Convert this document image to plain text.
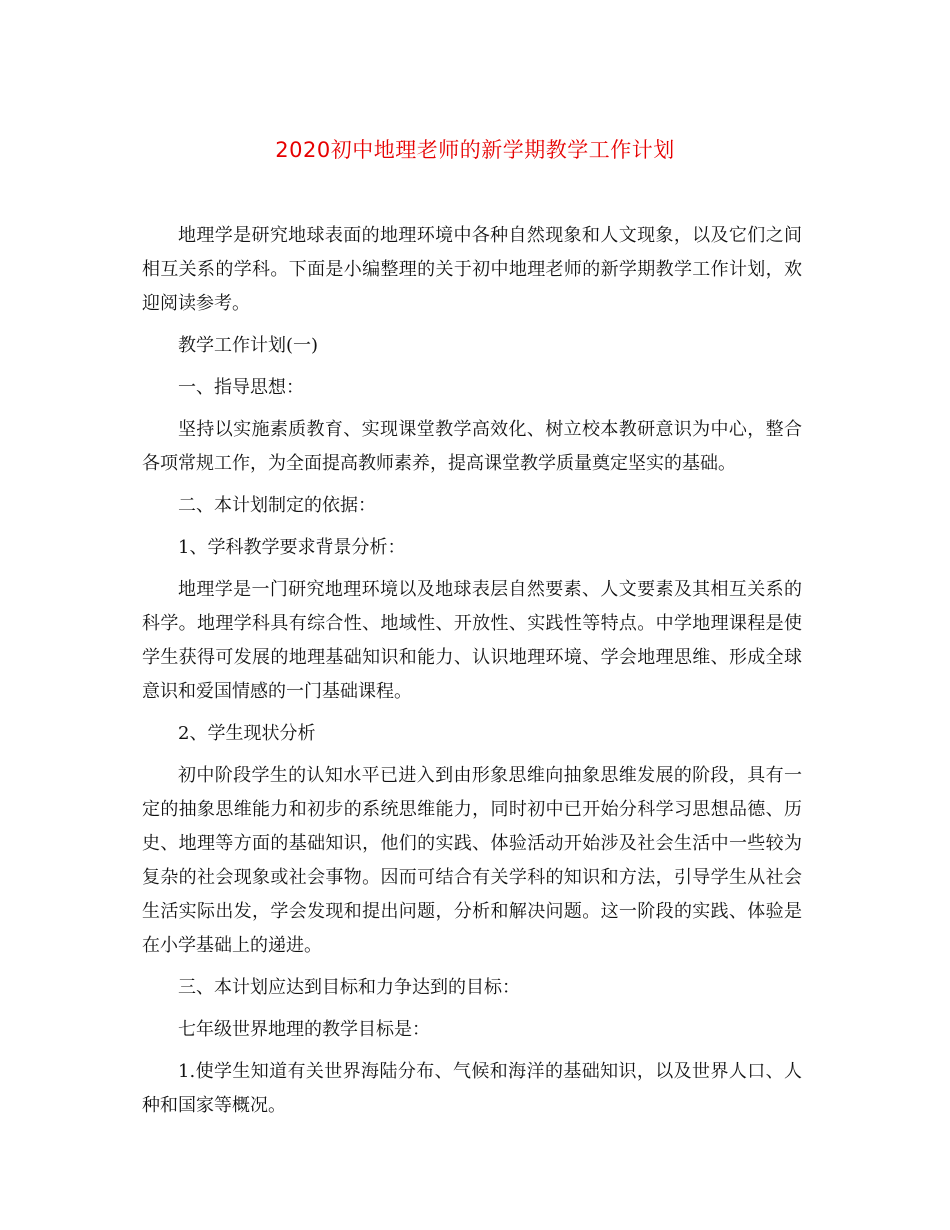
2020初中地理老师的新学期教学工作计划

地理学是研究地球表面的地理环境中各种自然现象和人文现象，以及它们之间相互关系的学科。下面是小编整理的关于初中地理老师的新学期教学工作计划，欢迎阅读参考。

教学工作计划(一)

一、指导思想：

坚持以实施素质教育、实现课堂教学高效化、树立校本教研意识为中心，整合各项常规工作，为全面提高教师素养，提高课堂教学质量奠定坚实的基础。

二、本计划制定的依据：

1、学科教学要求背景分析：

地理学是一门研究地理环境以及地球表层自然要素、人文要素及其相互关系的科学。地理学科具有综合性、地域性、开放性、实践性等特点。中学地理课程是使学生获得可发展的地理基础知识和能力、认识地理环境、学会地理思维、形成全球意识和爱国情感的一门基础课程。

2、学生现状分析

初中阶段学生的认知水平已进入到由形象思维向抽象思维发展的阶段，具有一定的抽象思维能力和初步的系统思维能力，同时初中已开始分科学习思想品德、历史、地理等方面的基础知识，他们的实践、体验活动开始涉及社会生活中一些较为复杂的社会现象或社会事物。因而可结合有关学科的知识和方法，引导学生从社会生活实际出发，学会发现和提出问题，分析和解决问题。这一阶段的实践、体验是在小学基础上的递进。

三、本计划应达到目标和力争达到的目标：

七年级世界地理的教学目标是：

1.使学生知道有关世界海陆分布、气候和海洋的基础知识，以及世界人口、人种和国家等概况。
